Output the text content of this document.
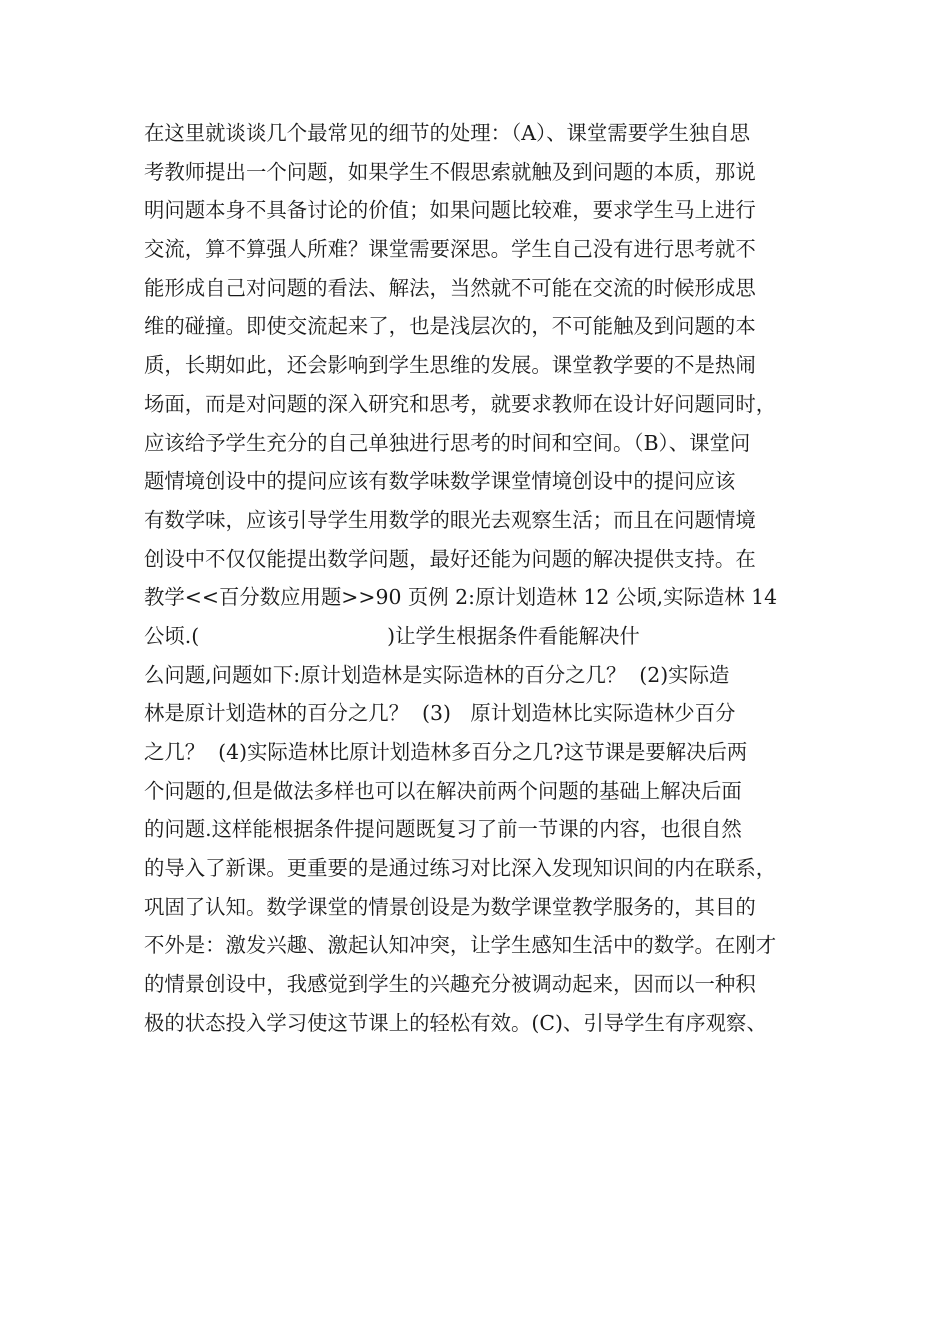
在这里就谈谈几个最常见的细节的处理：（A）、课堂需要学生独自思
考教师提出一个问题，如果学生不假思索就触及到问题的本质，那说
明问题本身不具备讨论的价值；如果问题比较难，要求学生马上进行
交流，算不算强人所难？课堂需要深思。学生自己没有进行思考就不
能形成自己对问题的看法、解法，当然就不可能在交流的时候形成思
维的碰撞。即使交流起来了，也是浅层次的，不可能触及到问题的本
质，长期如此，还会影响到学生思维的发展。课堂教学要的不是热闹
场面，而是对问题的深入研究和思考，就要求教师在设计好问题同时，
应该给予学生充分的自己单独进行思考的时间和空间。（B）、课堂问
题情境创设中的提问应该有数学味数学课堂情境创设中的提问应该
有数学味，应该引导学生用数学的眼光去观察生活；而且在问题情境
创设中不仅仅能提出数学问题，最好还能为问题的解决提供支持。在
教学<<百分数应用题>>90 页例 2:原计划造林 12 公顷,实际造林 14
公顷.(                             )让学生根据条件看能解决什
么问题,问题如下:原计划造林是实际造林的百分之几？  (2)实际造
林是原计划造林的百分之几？  (3)   原计划造林比实际造林少百分
之几？  (4)实际造林比原计划造林多百分之几?这节课是要解决后两
个问题的,但是做法多样也可以在解决前两个问题的基础上解决后面
的问题.这样能根据条件提问题既复习了前一节课的内容，也很自然
的导入了新课。更重要的是通过练习对比深入发现知识间的内在联系，
巩固了认知。数学课堂的情景创设是为数学课堂教学服务的，其目的
不外是：激发兴趣、激起认知冲突，让学生感知生活中的数学。在刚才
的情景创设中，我感觉到学生的兴趣充分被调动起来，因而以一种积
极的状态投入学习使这节课上的轻松有效。(C)、引导学生有序观察、
